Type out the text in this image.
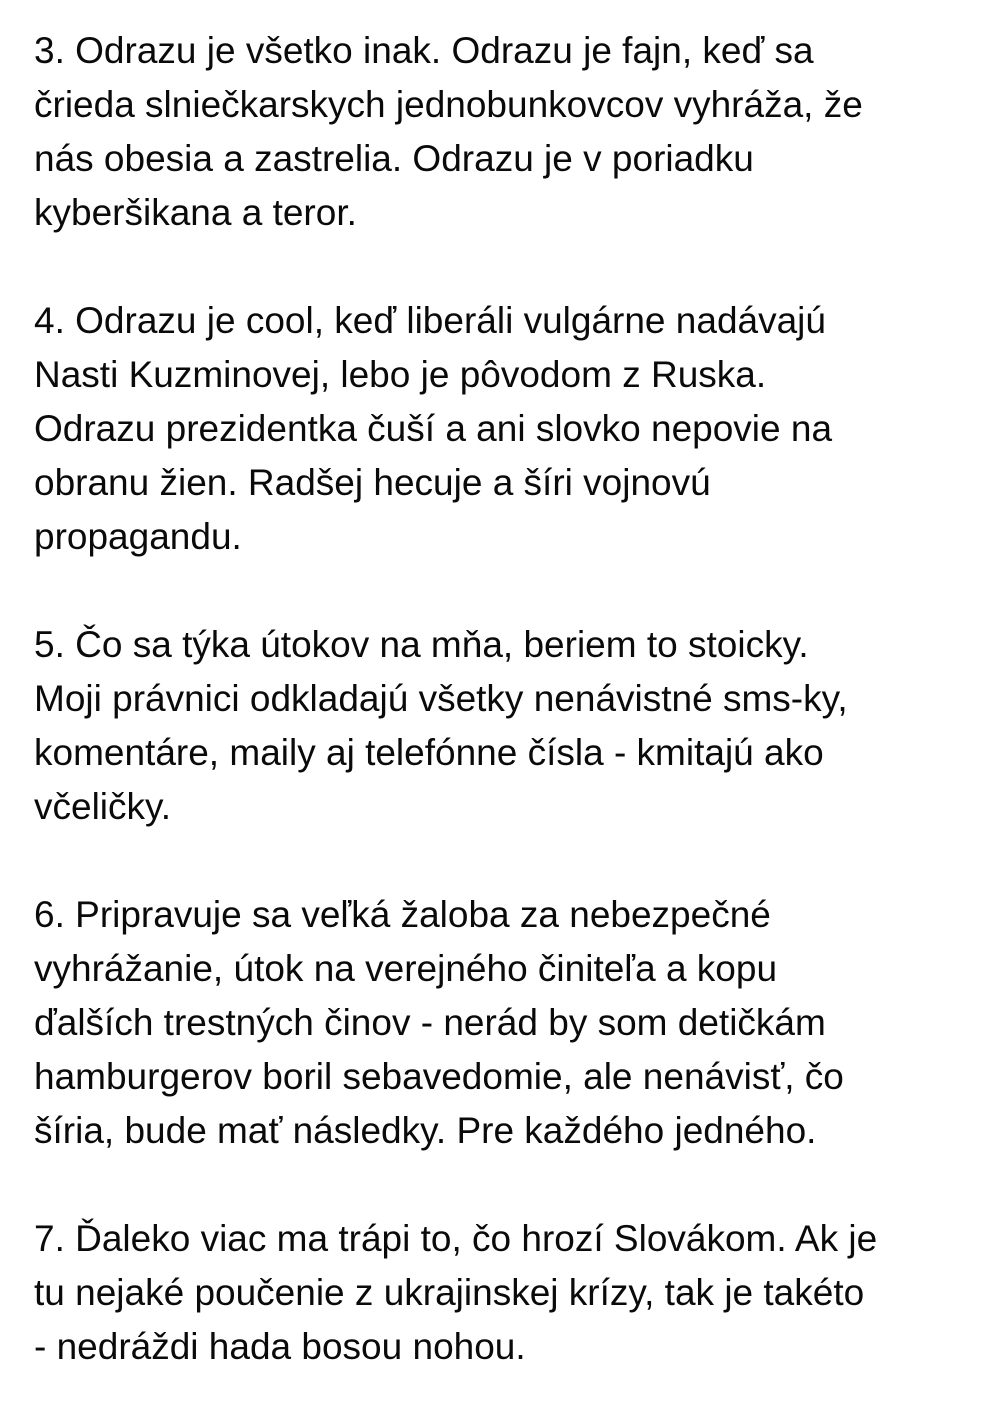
3. Odrazu je všetko inak. Odrazu je fajn, keď sa
črieda slniečkarskych jednobunkovcov vyhráža, že
nás obesia a zastrelia. Odrazu je v poriadku
kyberšikana a teror.
4. Odrazu je cool, keď liberáli vulgárne nadávajú
Nasti Kuzminovej, lebo je pôvodom z Ruska.
Odrazu prezidentka čuší a ani slovko nepovie na
obranu žien. Radšej hecuje a šíri vojnovú
propagandu.
5. Čo sa týka útokov na mňa, beriem to stoicky.
Moji právnici odkladajú všetky nenávistné sms-ky,
komentáre, maily aj telefónne čísla - kmitajú ako
včeličky.
6. Pripravuje sa veľká žaloba za nebezpečné
vyhrážanie, útok na verejného činiteľa a kopu
ďalších trestných činov - nerád by som detičkám
hamburgerov boril sebavedomie, ale nenávisť, čo
šíria, bude mať následky. Pre každého jedného.
7. Ďaleko viac ma trápi to, čo hrozí Slovákom. Ak je
tu nejaké poučenie z ukrajinskej krízy, tak je takéto
- nedráždi hada bosou nohou.
